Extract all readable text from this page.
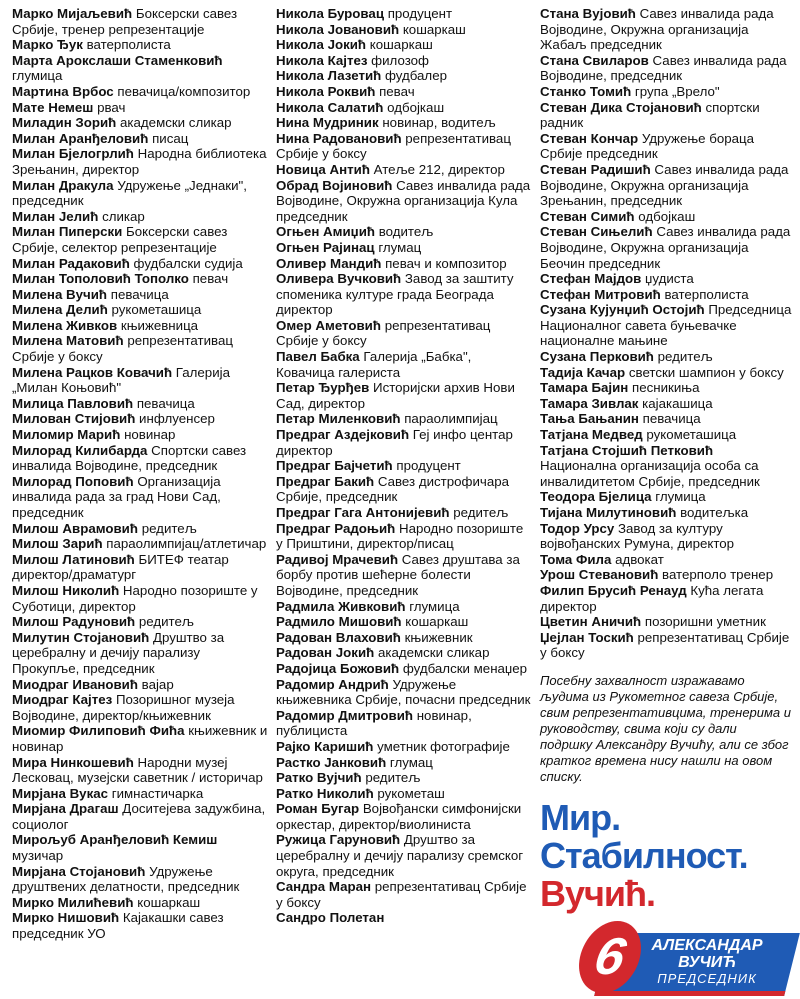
Марко Мијаљевић Боксерски савез Србије, тренер репрезентације

Марко Ђук ватерполиста

Марта Арокслаши Стаменковић глумица

Мартина Врбос певачица/композитор

Мате Немеш рвач

Миладин Зорић академски сликар

Милан Аранђеловић писац

Милан Бјелогрлић Народна библиотека Зрењанин, директор

Милан Дракула Удружење „Једнаки", председник

Милан Јелић сликар

Милан Пиперски Боксерски савез Србије, селектор репрезентације

Милан Радаковић фудбалски судија

Милан Тополовић Тополко певач

Милена Вучић певачица

Милена Делић рукометашица

Милена Живков књижевница

Милена Матовић репрезентативац Србије у боксу

Милена Рацков Ковачић Галерија „Милан Коњовић"

Милица Павловић певачица

Милован Стијовић инфлуенсер

Миломир Марић новинар

Милорад Килибарда Спортски савез инвалида Војводине, председник

Милорад Поповић Организација инвалида рада за град Нови Сад, председник

Милош Аврамовић редитељ

Милош Зарић параолимпијац/атлетичар

Милош Латиновић БИТЕФ театар директор/драматург

Милош Николић Народно позориште у Суботици, директор

Милош Радуновић редитељ

Милутин Стојановић Друштво за церебралну и дечију парализу Прокупље, председник

Миодраг Ивановић вајар

Миодраг Кајтез Позоришног музеја Војводине, директор/књижевник

Миомир Филиповић Фића књижевник и новинар

Мира Нинкошевић Народни музеј Лесковац, музејски саветник / историчар

Мирјана Вукас гимнастичарка

Мирјана Драгаш Доситејева задужбина, социолог

Мирољуб Аранђеловић Кемиш музичар

Мирјана Стојановић Удружење друштвених делатности, председник

Мирко Милићевић кошаркаш

Мирко Нишовић Кајакашки савез председник УО

Никола Буровац продуцент

Никола Јовановић кошаркаш

Никола Јокић кошаркаш

Никола Кајтез филозоф

Никола Лазетић фудбалер

Никола Роквић певач

Никола Салатић одбојкаш

Нина Мудриник новинар, водитељ

Нина Радовановић репрезентативац Србије у боксу

Новица Антић Атеље 212, директор

Обрад Војиновић Савез инвалида рада Војводине, Окружна организација Кула председник

Огњен Амиџић водитељ

Огњен Рајинац глумац

Оливер Мандић певач и композитор

Оливера Вучковић Завод за заштиту споменика културе града Београда директор

Омер Аметовић репрезентативац Србије у боксу

Павел Бабка Галерија „Бабка", Ковачица галериста

Петар Ђурђев Историјски архив Нови Сад, директор

Петар Миленковић параолимпијац

Предраг Аздејковић Геј инфо центар директор

Предраг Бајчетић продуцент

Предраг Бакић Савез дистрофичара Србије, председник

Предраг Гага Антонијевић редитељ

Предраг Радоњић Народно позориште у Приштини, директор/писац

Радивој Мрачевић Савез друштава за борбу против шећерне болести Војводине, председник

Радмила Живковић глумица

Радмило Мишовић кошаркаш

Радован Влаховић књижевник

Радован Јокић академски сликар

Радојица Божовић фудбалски менаџер

Радомир Андрић Удружење књижевника Србије, почасни председник

Радомир Дмитровић новинар, публициста

Рајко Каришић уметник фотографије

Растко Јанковић глумац

Ратко Вујчић редитељ

Ратко Николић рукометаш

Роман Бугар Војвођански симфонијски оркестар, директор/виолиниста

Ружица Гаруновић Друштво за церебралну и дечију парализу сремског округа, председник

Сандра Маран репрезентативац Србије у боксу

Сандро Полетан

Стана Вујовић Савез инвалида рада Војводине, Окружна организација Жабаљ председник

Стана Свиларов Савез инвалида рада Војводине, председник

Станко Томић група „Врело"

Стеван Дика Стојановић спортски радник

Стеван Кончар Удружење бораца Србије председник

Стеван Радишић Савез инвалида рада Војводине, Окружна организација Зрењанин, председник

Стеван Симић одбојкаш

Стеван Сињелић Савез инвалида рада Војводине, Окружна организација Беочин председник

Стефан Мајдов џудиста

Стефан Митровић ватерполиста

Сузана Кујунџић Остојић Председница Националног савета буњевачке националне мањине

Сузана Перковић редитељ

Тадија Качар светски шампион у боксу

Тамара Бајин песникиња

Тамара Зивлак кајакашица

Тања Бањанин певачица

Татјана Медвед рукометашица

Татјана Стојшић Петковић Национална организација особа са инвалидитетом Србије, председник

Теодора Бјелица глумица

Тијана Милутиновић водитељка

Тодор Урсу Завод за културу војвођанских Румуна, директор

Тома Фила адвокат

Урош Стевановић ватерполо тренер

Филип Брусић Ренауд Кућа легата директор

Цветин Аничић позоришни уметник

Џејлан Тоскић репрезентативац Србије у боксу

Посебну захвалност изражавамо људима из Рукометног савеза Србије, свим репрезентативцима, тренерима и руководству, свима који су дали подршку Александру Вучићу, али се због кратког времена нису нашли на овом списку.

Мир.
Стабилност.
Вучић.
6	АЛЕКСАНДАР
ВУЧИЋ
ПРЕДСЕДНИК
